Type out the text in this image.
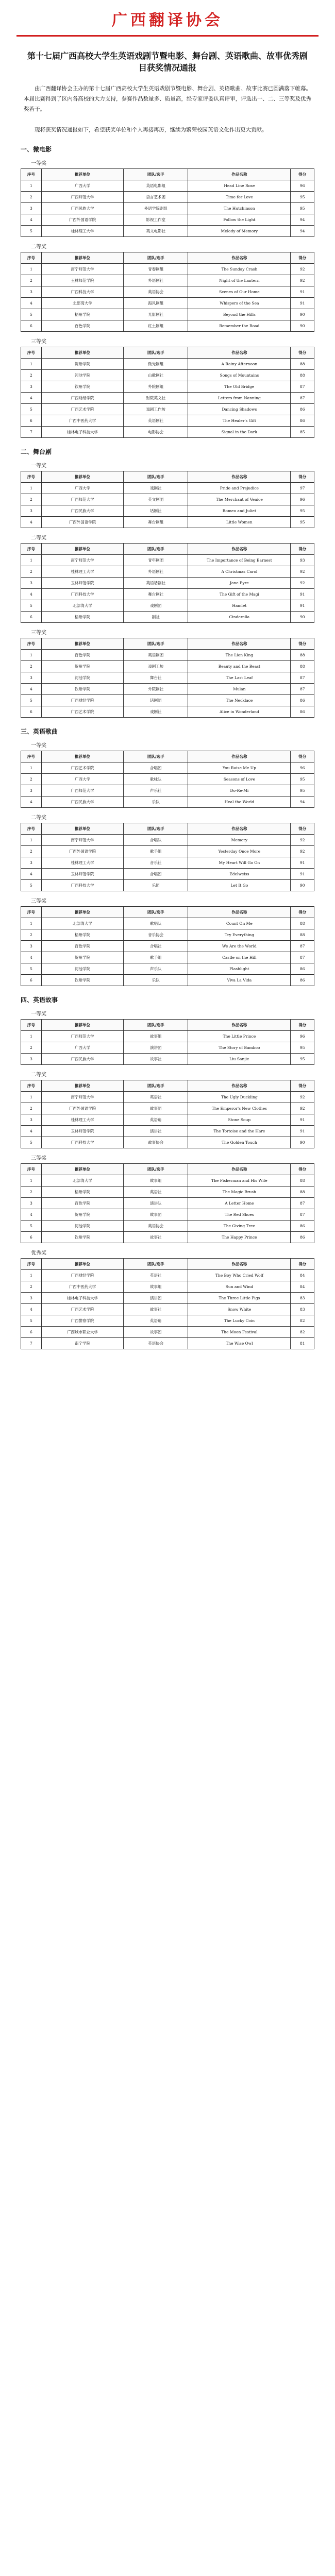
广西翻译协会
第十七届广西高校大学生英语戏剧节暨电影、舞台剧、英语歌曲、故事优秀剧目获奖情况通报

由广西翻译协会主办的第十七届广西高校大学生英语戏剧节暨电影、舞台剧、英语歌曲、故事比赛已圆满落下帷幕。本届比赛得到了区内各高校的大力支持，参赛作品数量多、质量高，经专家评委认真评审，评选出一、二、三等奖及优秀奖若干。

现将获奖情况通报如下，希望获奖单位和个人再接再厉，继续为繁荣校园英语文化作出更大贡献。

一、微电影
一等奖
序号	推荐单位	团队/选手	作品名称	得分
1	广西大学	英语电影组	Head Line Rose	96
2	广西师范大学	语言艺术团	Time for Love	95
3	广西民族大学	外语学院剧组	The Hutchinson	95
4	广西外国语学院	影视工作室	Follow the Light	94
5	桂林理工大学	英文电影社	Melody of Memory	94
二等奖
序号	推荐单位	团队/选手	作品名称	得分
1	南宁师范大学	青春剧组	The Sunday Crash	92
2	玉林师范学院	外语剧社	Night of the Lantern	92
3	广西科技大学	英语协会	Scenes of Our Home	91
4	北部湾大学	海风剧组	Whispers of the Sea	91
5	梧州学院	光影剧社	Beyond the Hills	90
6	百色学院	红土剧组	Remember the Road	90
三等奖
序号	推荐单位	团队/选手	作品名称	得分
1	贺州学院	微光剧组	A Rainy Afternoon	88
2	河池学院	山歌剧社	Songs of Mountains	88
3	钦州学院	外院剧组	The Old Bridge	87
4	广西财经学院	财院英文社	Letters from Nanning	87
5	广西艺术学院	戏剧工作坊	Dancing Shadows	86
6	广西中医药大学	英语剧社	The Healer's Gift	86
7	桂林电子科技大学	电影协会	Signal in the Dark	85
二、舞台剧
一等奖
序号	推荐单位	团队/选手	作品名称	得分
1	广西大学	戏剧社	Pride and Prejudice	97
2	广西师范大学	英文剧团	The Merchant of Venice	96
3	广西民族大学	话剧社	Romeo and Juliet	95
4	广西外国语学院	舞台剧组	Little Women	95
二等奖
序号	推荐单位	团队/选手	作品名称	得分
1	南宁师范大学	青年剧团	The Importance of Being Earnest	93
2	桂林理工大学	外语剧社	A Christmas Carol	92
3	玉林师范学院	英语话剧社	Jane Eyre	92
4	广西科技大学	舞台剧社	The Gift of the Magi	91
5	北部湾大学	戏剧团	Hamlet	91
6	梧州学院	剧社	Cinderella	90
三等奖
序号	推荐单位	团队/选手	作品名称	得分
1	百色学院	英语剧团	The Lion King	88
2	贺州学院	戏剧工坊	Beauty and the Beast	88
3	河池学院	舞台社	The Last Leaf	87
4	钦州学院	外院剧社	Mulan	87
5	广西财经学院	话剧团	The Necklace	86
6	广西艺术学院	戏剧社	Alice in Wonderland	86
三、英语歌曲
一等奖
序号	推荐单位	团队/选手	作品名称	得分
1	广西艺术学院	合唱团	You Raise Me Up	96
2	广西大学	歌咏队	Seasons of Love	95
3	广西师范大学	声乐社	Do-Re-Mi	95
4	广西民族大学	乐队	Heal the World	94
二等奖
序号	推荐单位	团队/选手	作品名称	得分
1	南宁师范大学	合唱队	Memory	92
2	广西外国语学院	歌手组	Yesterday Once More	92
3	桂林理工大学	音乐社	My Heart Will Go On	91
4	玉林师范学院	合唱团	Edelweiss	91
5	广西科技大学	乐团	Let It Go	90
三等奖
序号	推荐单位	团队/选手	作品名称	得分
1	北部湾大学	歌唱队	Count On Me	88
2	梧州学院	音乐协会	Try Everything	88
3	百色学院	合唱社	We Are the World	87
4	贺州学院	歌手组	Castle on the Hill	87
5	河池学院	声乐队	Flashlight	86
6	钦州学院	乐队	Viva La Vida	86
四、英语故事
一等奖
序号	推荐单位	团队/选手	作品名称	得分
1	广西师范大学	故事组	The Little Prince	96
2	广西大学	演讲团	The Story of Bamboo	95
3	广西民族大学	故事社	Liu Sanjie	95
二等奖
序号	推荐单位	团队/选手	作品名称	得分
1	南宁师范大学	英语社	The Ugly Duckling	92
2	广西外国语学院	故事团	The Emperor's New Clothes	92
3	桂林理工大学	英语角	Stone Soup	91
4	玉林师范学院	演讲社	The Tortoise and the Hare	91
5	广西科技大学	故事协会	The Golden Touch	90
三等奖
序号	推荐单位	团队/选手	作品名称	得分
1	北部湾大学	故事组	The Fisherman and His Wife	88
2	梧州学院	英语社	The Magic Brush	88
3	百色学院	演讲队	A Letter Home	87
4	贺州学院	故事团	The Red Shoes	87
5	河池学院	英语协会	The Giving Tree	86
6	钦州学院	故事社	The Happy Prince	86
优秀奖
序号	推荐单位	团队/选手	作品名称	得分
1	广西财经学院	英语社	The Boy Who Cried Wolf	84
2	广西中医药大学	故事组	Sun and Wind	84
3	桂林电子科技大学	演讲团	The Three Little Pigs	83
4	广西艺术学院	故事社	Snow White	83
5	广西警察学院	英语角	The Lucky Coin	82
6	广西城市职业大学	故事团	The Moon Festival	82
7	南宁学院	英语协会	The Wise Owl	81
